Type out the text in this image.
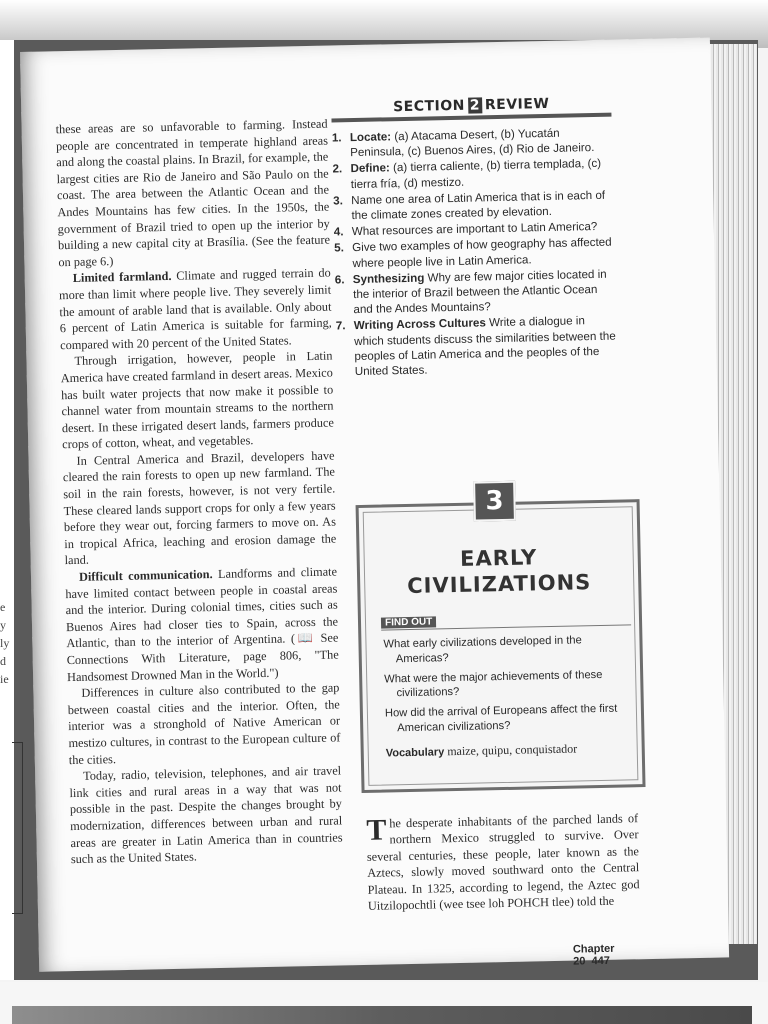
e
y
ly
d
ie

these areas are so unfavorable to farming. Instead people are concentrated in temperate highland areas and along the coastal plains. In Brazil, for example, the largest cities are Rio de Janeiro and São Paulo on the coast. The area between the Atlantic Ocean and the Andes Mountains has few cities. In the 1950s, the government of Brazil tried to open up the interior by building a new capital city at Brasília. (See the feature on page 6.)

Limited farmland. Climate and rugged terrain do more than limit where people live. They severely limit the amount of arable land that is available. Only about 6 percent of Latin America is suitable for farming, compared with 20 percent of the United States.

Through irrigation, however, people in Latin America have created farmland in desert areas. Mexico has built water projects that now make it possible to channel water from mountain streams to the northern desert. In these irrigated desert lands, farmers produce crops of cotton, wheat, and vegetables.

In Central America and Brazil, developers have cleared the rain forests to open up new farmland. The soil in the rain forests, however, is not very fertile. These cleared lands support crops for only a few years before they wear out, forcing farmers to move on. As in tropical Africa, leaching and erosion damage the land.

Difficult communication. Landforms and climate have limited contact between people in coastal areas and the interior. During colonial times, cities such as Buenos Aires had closer ties to Spain, across the Atlantic, than to the interior of Argentina. (📖 See Connections With Literature, page 806, "The Handsomest Drowned Man in the World.")

Differences in culture also contributed to the gap between coastal cities and the interior. Often, the interior was a stronghold of Native American or mestizo cultures, in contrast to the European culture of the cities.

Today, radio, television, telephones, and air travel link cities and rural areas in a way that was not possible in the past. Despite the changes brought by modernization, differences between urban and rural areas are greater in Latin America than in countries such as the United States.

SECTION 2 REVIEW
1. Locate: (a) Atacama Desert, (b) Yucatán Peninsula, (c) Buenos Aires, (d) Rio de Janeiro.
2. Define: (a) tierra caliente, (b) tierra templada, (c) tierra fría, (d) mestizo.
3. Name one area of Latin America that is in each of the climate zones created by elevation.
4. What resources are important to Latin America?
5. Give two examples of how geography has affected where people live in Latin America.
6. Synthesizing Why are few major cities located in the interior of Brazil between the Atlantic Ocean and the Andes Mountains?
7. Writing Across Cultures Write a dialogue in which students discuss the similarities between the peoples of Latin America and the peoples of the United States.
3
EARLY
CIVILIZATIONS
FIND OUT
What early civilizations developed in the Americas?
What were the major achievements of these civilizations?
How did the arrival of Europeans affect the first American civilizations?
Vocabulary maize, quipu, conquistador
The desperate inhabitants of the parched lands of northern Mexico struggled to survive. Over several centuries, these people, later known as the Aztecs, slowly moved southward onto the Central Plateau. In 1325, according to legend, the Aztec god Uitzilopochtli (wee tsee loh POHCH tlee) told the
Chapter 20 447
